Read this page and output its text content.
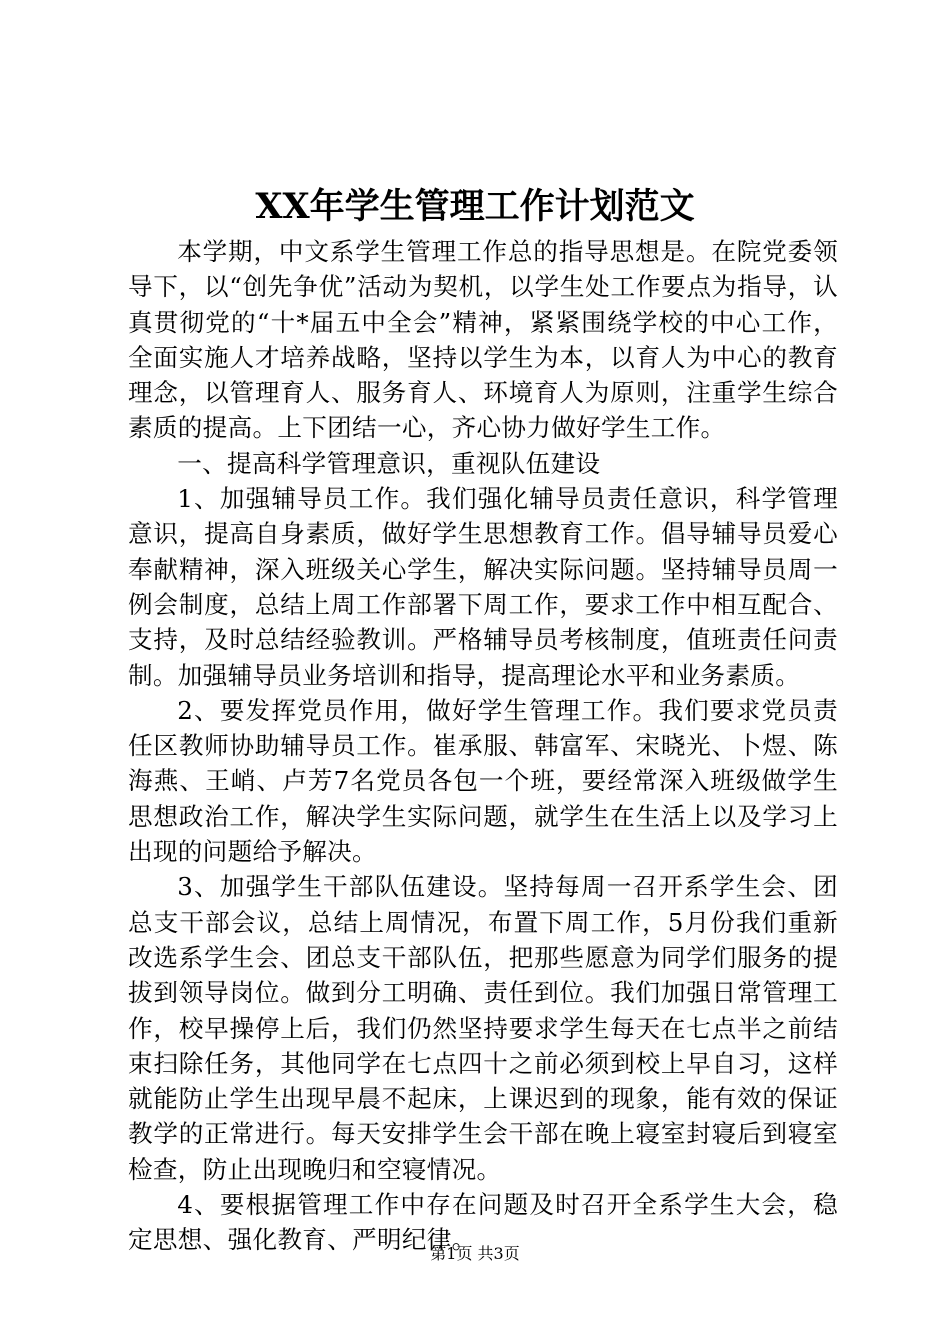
XX年学生管理工作计划范文

本学期，中文系学生管理工作总的指导思想是。在院党委领导下，以“创先争优”活动为契机，以学生处工作要点为指导，认真贯彻党的“十*届五中全会”精神，紧紧围绕学校的中心工作，全面实施人才培养战略，坚持以学生为本，以育人为中心的教育理念，以管理育人、服务育人、环境育人为原则，注重学生综合素质的提高。上下团结一心，齐心协力做好学生工作。

一、提高科学管理意识，重视队伍建设

1、加强辅导员工作。我们强化辅导员责任意识，科学管理意识，提高自身素质，做好学生思想教育工作。倡导辅导员爱心奉献精神，深入班级关心学生，解决实际问题。坚持辅导员周一例会制度，总结上周工作部署下周工作，要求工作中相互配合、支持，及时总结经验教训。严格辅导员考核制度，值班责任问责制。加强辅导员业务培训和指导，提高理论水平和业务素质。

2、要发挥党员作用，做好学生管理工作。我们要求党员责任区教师协助辅导员工作。崔承服、韩富军、宋晓光、卜煜、陈海燕、王峭、卢芳7名党员各包一个班，要经常深入班级做学生思想政治工作，解决学生实际问题，就学生在生活上以及学习上出现的问题给予解决。

3、加强学生干部队伍建设。坚持每周一召开系学生会、团总支干部会议，总结上周情况，布置下周工作，5月份我们重新改选系学生会、团总支干部队伍，把那些愿意为同学们服务的提拔到领导岗位。做到分工明确、责任到位。我们加强日常管理工作，校早操停上后，我们仍然坚持要求学生每天在七点半之前结束扫除任务，其他同学在七点四十之前必须到校上早自习，这样就能防止学生出现早晨不起床，上课迟到的现象，能有效的保证教学的正常进行。每天安排学生会干部在晚上寝室封寝后到寝室检查，防止出现晚归和空寝情况。

4、要根据管理工作中存在问题及时召开全系学生大会，稳定思想、强化教育、严明纪律。

第1页 共3页
